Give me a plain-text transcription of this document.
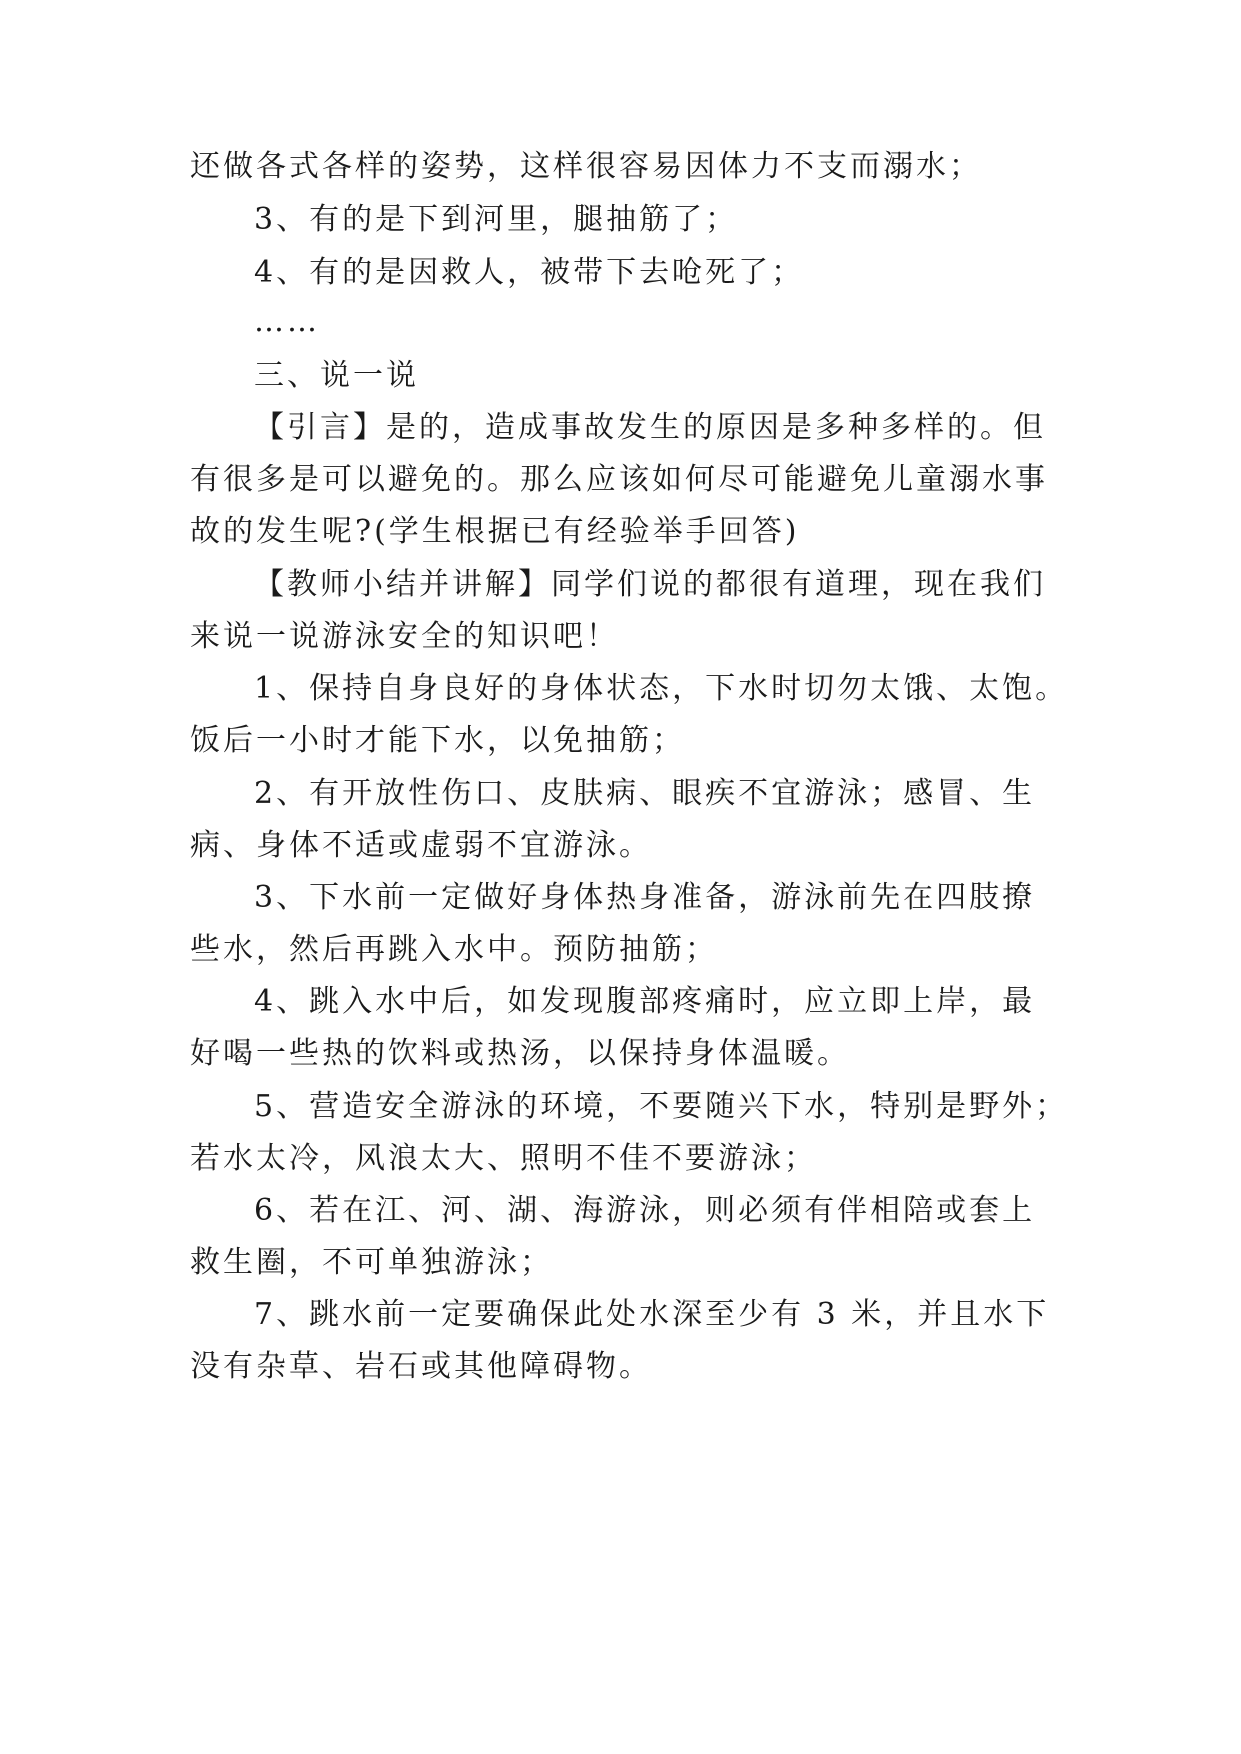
还做各式各样的姿势，这样很容易因体力不支而溺水；

3、有的是下到河里，腿抽筋了；

4、有的是因救人，被带下去呛死了；

……

三、说一说

【引言】是的，造成事故发生的原因是多种多样的。但

有很多是可以避免的。那么应该如何尽可能避免儿童溺水事

故的发生呢?(学生根据已有经验举手回答)

【教师小结并讲解】同学们说的都很有道理，现在我们

来说一说游泳安全的知识吧！

1、保持自身良好的身体状态，下水时切勿太饿、太饱。

饭后一小时才能下水，以免抽筋；

2、有开放性伤口、皮肤病、眼疾不宜游泳；感冒、生

病、身体不适或虚弱不宜游泳。

3、下水前一定做好身体热身准备，游泳前先在四肢撩

些水，然后再跳入水中。预防抽筋；

4、跳入水中后，如发现腹部疼痛时，应立即上岸，最

好喝一些热的饮料或热汤，以保持身体温暖。

5、营造安全游泳的环境，不要随兴下水，特别是野外；

若水太冷，风浪太大、照明不佳不要游泳；

6、若在江、河、湖、海游泳，则必须有伴相陪或套上

救生圈，不可单独游泳；

7、跳水前一定要确保此处水深至少有 3 米，并且水下

没有杂草、岩石或其他障碍物。
